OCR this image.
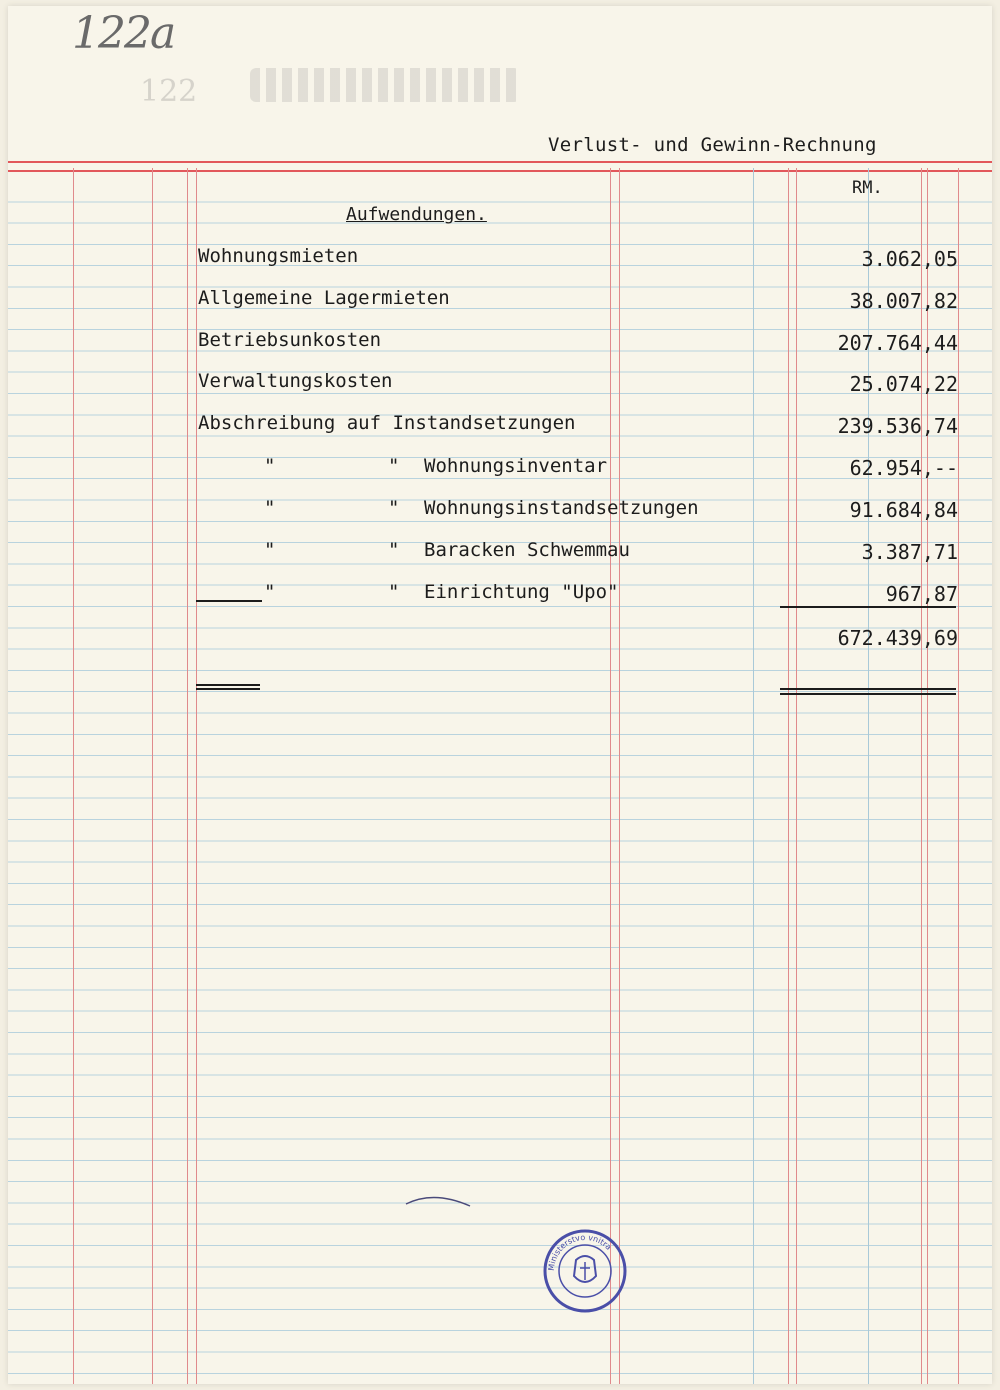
122
122a
Verlust- und Gewinn-Rechnung
RM.
Aufwendungen.
Wohnungsmieten	3.062,05
Allgemeine Lagermieten	38.007,82
Betriebsunkosten	207.764,44
Verwaltungskosten	25.074,22
Abschreibung auf Instandsetzungen	239.536,74
"	" Wohnungsinventar	62.954,--
"	" Wohnungsinstandsetzungen	91.684,84
"	" Baracken Schwemmau	3.387,71
"	" Einrichtung "Upo"	967,87
672.439,69
Ministerstvo vnitra
